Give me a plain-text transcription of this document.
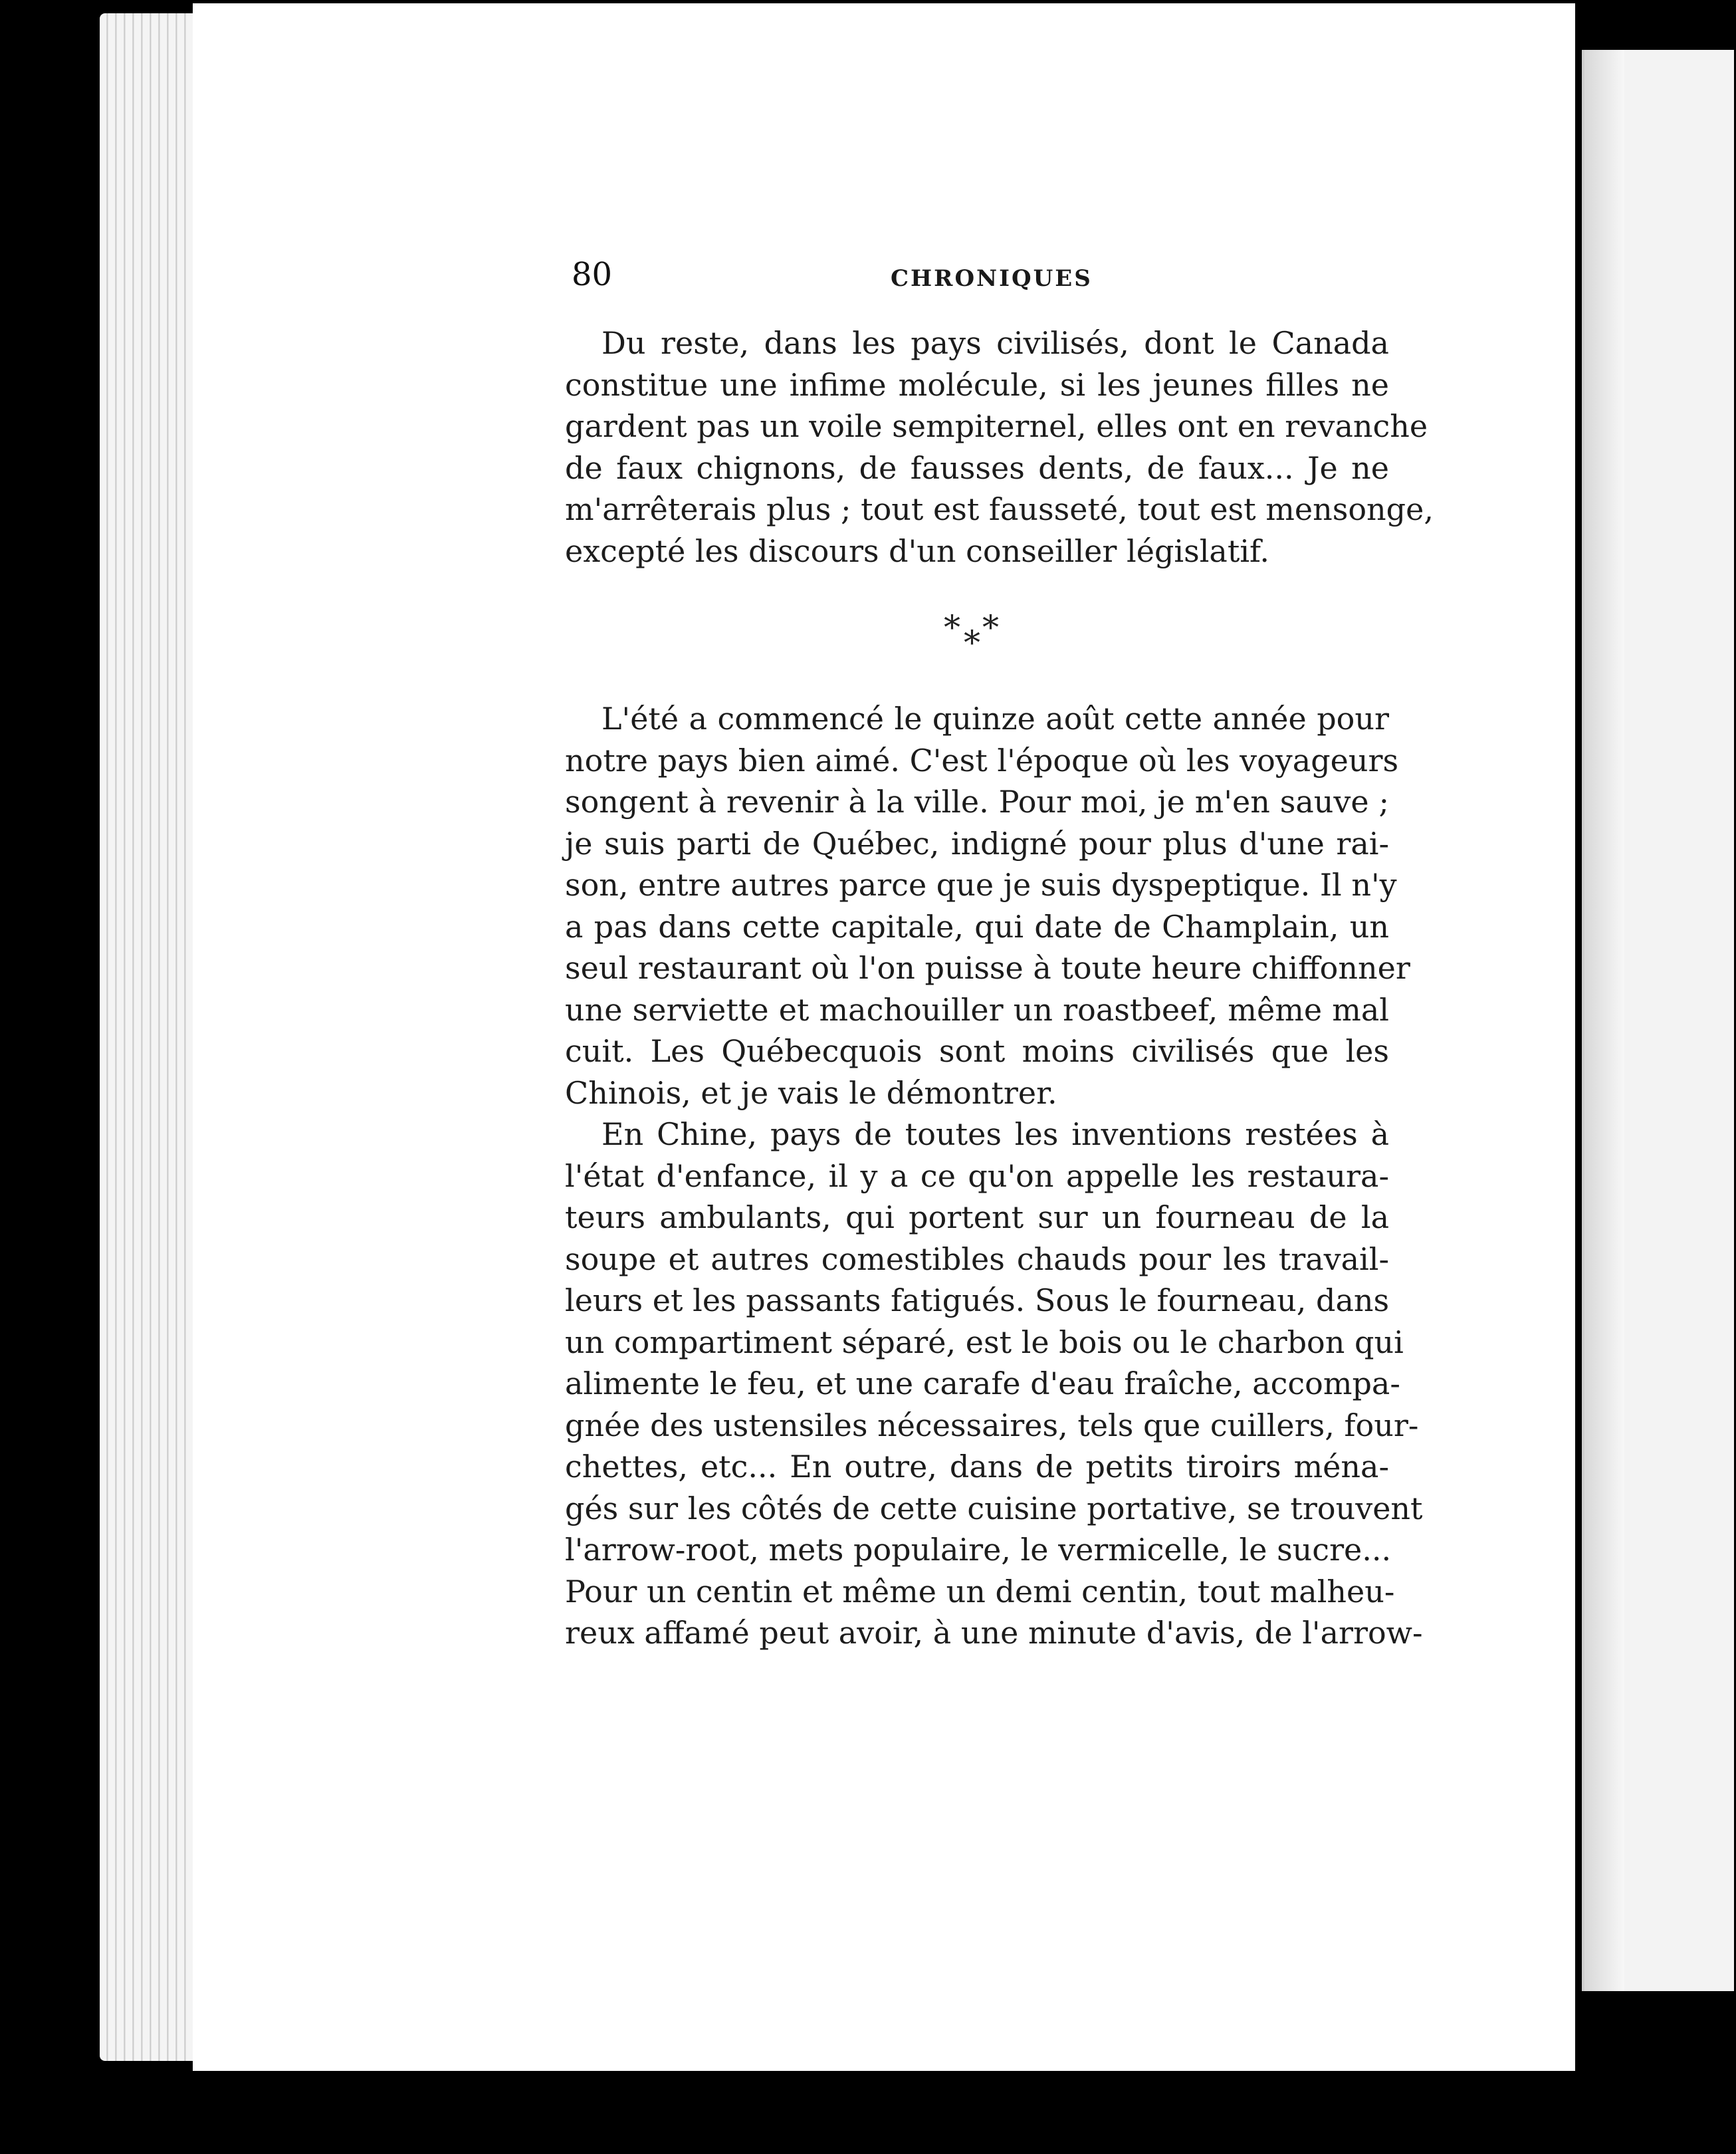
80	CHRONIQUES

Du reste, dans les pays civilisés, dont le Canada
constitue une infime molécule, si les jeunes filles ne
gardent pas un voile sempiternel, elles ont en revanche
de faux chignons, de fausses dents, de faux... Je ne
m'arrêterais plus ; tout est fausseté, tout est mensonge,
excepté les discours d'un conseiller législatif.

* * *

L'été a commencé le quinze août cette année pour
notre pays bien aimé. C'est l'époque où les voyageurs
songent à revenir à la ville. Pour moi, je m'en sauve ;
je suis parti de Québec, indigné pour plus d'une rai-
son, entre autres parce que je suis dyspeptique. Il n'y
a pas dans cette capitale, qui date de Champlain, un
seul restaurant où l'on puisse à toute heure chiffonner
une serviette et machouiller un roastbeef, même mal
cuit. Les Québecquois sont moins civilisés que les
Chinois, et je vais le démontrer.

En Chine, pays de toutes les inventions restées à
l'état d'enfance, il y a ce qu'on appelle les restaura-
teurs ambulants, qui portent sur un fourneau de la
soupe et autres comestibles chauds pour les travail-
leurs et les passants fatigués. Sous le fourneau, dans
un compartiment séparé, est le bois ou le charbon qui
alimente le feu, et une carafe d'eau fraîche, accompa-
gnée des ustensiles nécessaires, tels que cuillers, four-
chettes, etc... En outre, dans de petits tiroirs ména-
gés sur les côtés de cette cuisine portative, se trouvent
l'arrow-root, mets populaire, le vermicelle, le sucre...
Pour un centin et même un demi centin, tout malheu-
reux affamé peut avoir, à une minute d'avis, de l'arrow-
